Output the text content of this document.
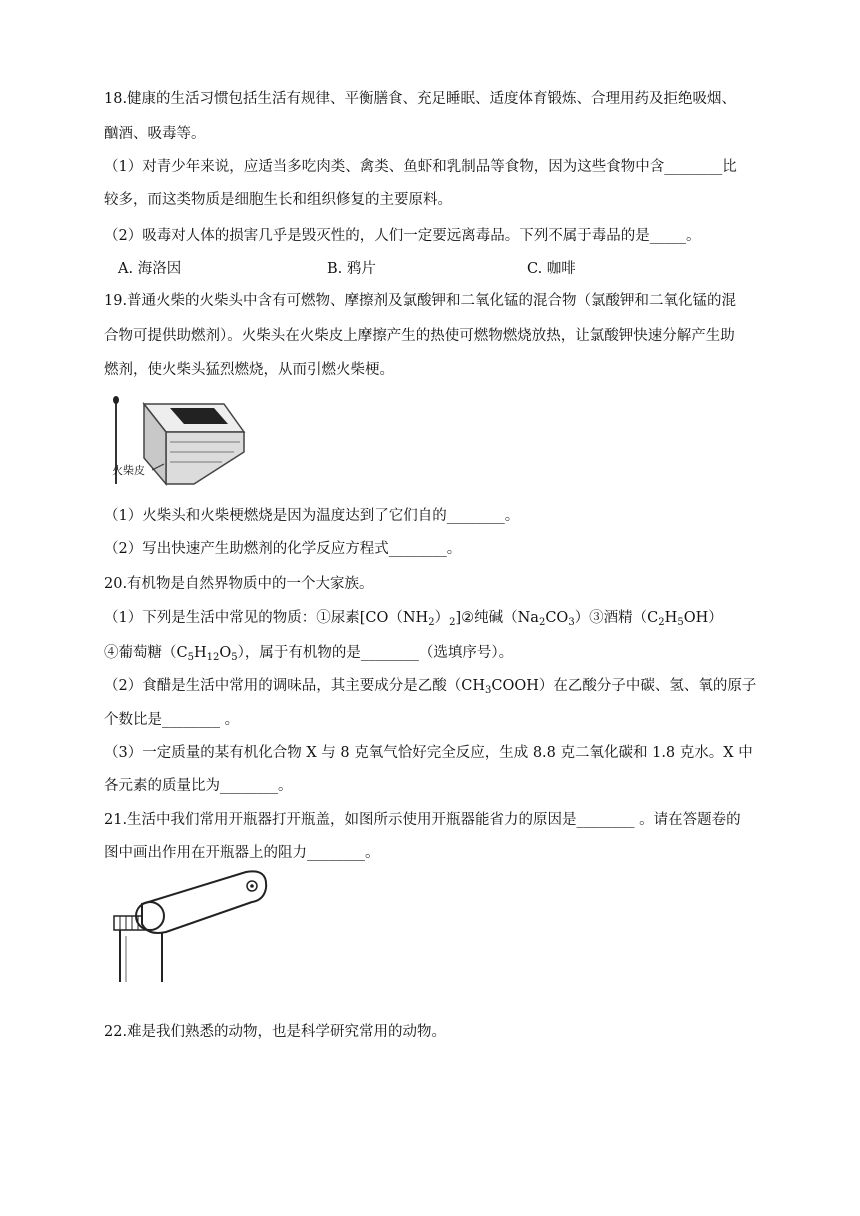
18.健康的生活习惯包括生活有规律、平衡膳食、充足睡眠、适度体育锻炼、合理用药及拒绝吸烟、
酗酒、吸毒等。
（1）对青少年来说，应适当多吃肉类、禽类、鱼虾和乳制品等食物，因为这些食物中含________比
较多，而这类物质是细胞生长和组织修复的主要原料。
（2）吸毒对人体的损害几乎是毁灭性的，人们一定要远离毒品。下列不属于毒品的是_____。
A. 海洛因	B. 鸦片	C. 咖啡
19.普通火柴的火柴头中含有可燃物、摩擦剂及氯酸钾和二氧化锰的混合物（氯酸钾和二氧化锰的混
合物可提供助燃剂）。火柴头在火柴皮上摩擦产生的热使可燃物燃烧放热，让氯酸钾快速分解产生助
燃剂，使火柴头猛烈燃烧，从而引燃火柴梗。
火柴皮
（1）火柴头和火柴梗燃烧是因为温度达到了它们自的________。
（2）写出快速产生助燃剂的化学反应方程式________。
20.有机物是自然界物质中的一个大家族。
（1）下列是生活中常见的物质：①尿素$[CO(NH_2)_2]②$纯碱$(Na_2CO_3)③$酒精$(C_2H_5OH)$
④葡萄糖$(C_5H_{12}O_5)$，属于有机物的是________（选填序号）。
（2）食醋是生活中常用的调味品，其主要成分是乙酸$(CH_3COOH)$在乙酸分子中碳、氢、氧的原子
个数比是________ 。
（3）一定质量的某有机化合物 X 与 8 克氧气恰好完全反应，生成 8.8 克二氧化碳和 1.8 克水。X 中
各元素的质量比为________。
21.生活中我们常用开瓶器打开瓶盖，如图所示使用开瓶器能省力的原因是________ 。请在答题卷的
图中画出作用在开瓶器上的阻力________。
22.难是我们熟悉的动物，也是科学研究常用的动物。
